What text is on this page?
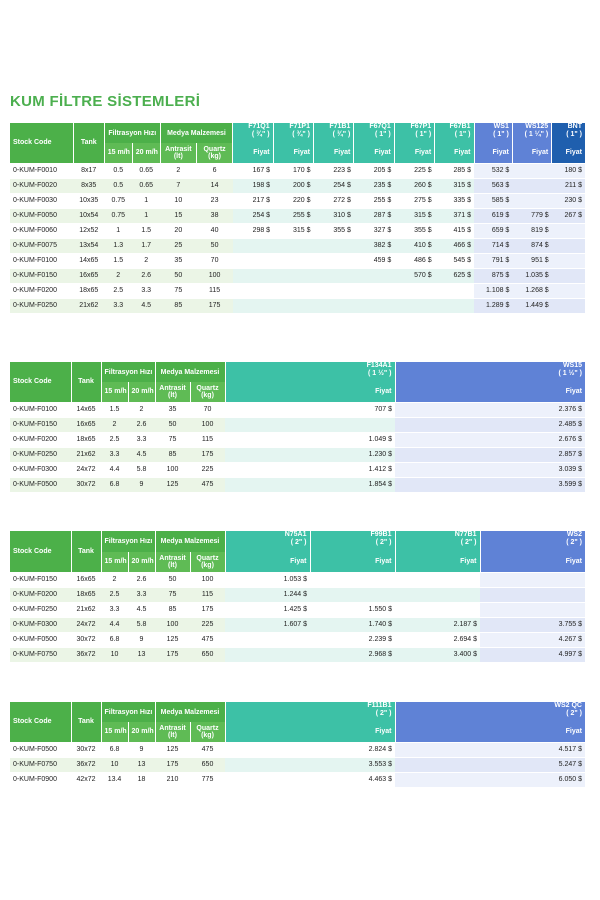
KUM FİLTRE SİSTEMLERİ
Stock Code	Tank	Filtrasyon Hızı		Medya Malzemesi		F71Q1
( ¾" )	F71P1
( ¾" )	F71B1
( ¾" )	F67Q1
( 1" )	F67P1
( 1" )	F67B1
( 1" )	WS1
( 1" )	WS125
( 1 ¼" )	BNT
( 1" )
		15 m/h	20 m/h	Antrasit
(lt)	Quartz
(kg)	Fiyat	Fiyat	Fiyat	Fiyat	Fiyat	Fiyat	Fiyat	Fiyat	Fiyat
0-KUM-F0010	8x17	0.5	0.65	2	6	167 $	170 $	223 $	205 $	225 $	285 $	532 $		180 $
0-KUM-F0020	8x35	0.5	0.65	7	14	198 $	200 $	254 $	235 $	260 $	315 $	563 $		211 $
0-KUM-F0030	10x35	0.75	1	10	23	217 $	220 $	272 $	255 $	275 $	335 $	585 $		230 $
0-KUM-F0050	10x54	0.75	1	15	38	254 $	255 $	310 $	287 $	315 $	371 $	619 $	779 $	267 $
0-KUM-F0060	12x52	1	1.5	20	40	298 $	315 $	355 $	327 $	355 $	415 $	659 $	819 $	
0-KUM-F0075	13x54	1.3	1.7	25	50				382 $	410 $	466 $	714 $	874 $	
0-KUM-F0100	14x65	1.5	2	35	70				459 $	486 $	545 $	791 $	951 $	
0-KUM-F0150	16x65	2	2.6	50	100					570 $	625 $	875 $	1.035 $	
0-KUM-F0200	18x65	2.5	3.3	75	115							1.108 $	1.268 $	
0-KUM-F0250	21x62	3.3	4.5	85	175							1.289 $	1.449 $	
Stock Code	Tank	Filtrasyon Hızı		Medya Malzemesi		F134A1
( 1 ½" )	WS15
( 1 ½" )
		15 m/h	20 m/h	Antrasit
(lt)	Quartz
(kg)	Fiyat	Fiyat
0-KUM-F0100	14x65	1.5	2	35	70	707 $	2.376 $
0-KUM-F0150	16x65	2	2.6	50	100		2.485 $
0-KUM-F0200	18x65	2.5	3.3	75	115	1.049 $	2.676 $
0-KUM-F0250	21x62	3.3	4.5	85	175	1.230 $	2.857 $
0-KUM-F0300	24x72	4.4	5.8	100	225	1.412 $	3.039 $
0-KUM-F0500	30x72	6.8	9	125	475	1.854 $	3.599 $
Stock Code	Tank	Filtrasyon Hızı		Medya Malzemesi		N75A1
( 2" )	F99B1
( 2" )	N77B1
( 2" )	WS2
( 2" )
		15 m/h	20 m/h	Antrasit
(lt)	Quartz
(kg)	Fiyat	Fiyat	Fiyat	Fiyat
0-KUM-F0150	16x65	2	2.6	50	100	1.053 $			
0-KUM-F0200	18x65	2.5	3.3	75	115	1.244 $			
0-KUM-F0250	21x62	3.3	4.5	85	175	1.425 $	1.550 $		
0-KUM-F0300	24x72	4.4	5.8	100	225	1.607 $	1.740 $	2.187 $	3.755 $
0-KUM-F0500	30x72	6.8	9	125	475		2.239 $	2.694 $	4.267 $
0-KUM-F0750	36x72	10	13	175	650		2.968 $	3.400 $	4.997 $
Stock Code	Tank	Filtrasyon Hızı		Medya Malzemesi		F111B1
( 2" )	WS2 QC
( 2" )
		15 m/h	20 m/h	Antrasit
(lt)	Quartz
(kg)	Fiyat	Fiyat
0-KUM-F0500	30x72	6.8	9	125	475	2.824 $	4.517 $
0-KUM-F0750	36x72	10	13	175	650	3.553 $	5.247 $
0-KUM-F0900	42x72	13.4	18	210	775	4.463 $	6.050 $
